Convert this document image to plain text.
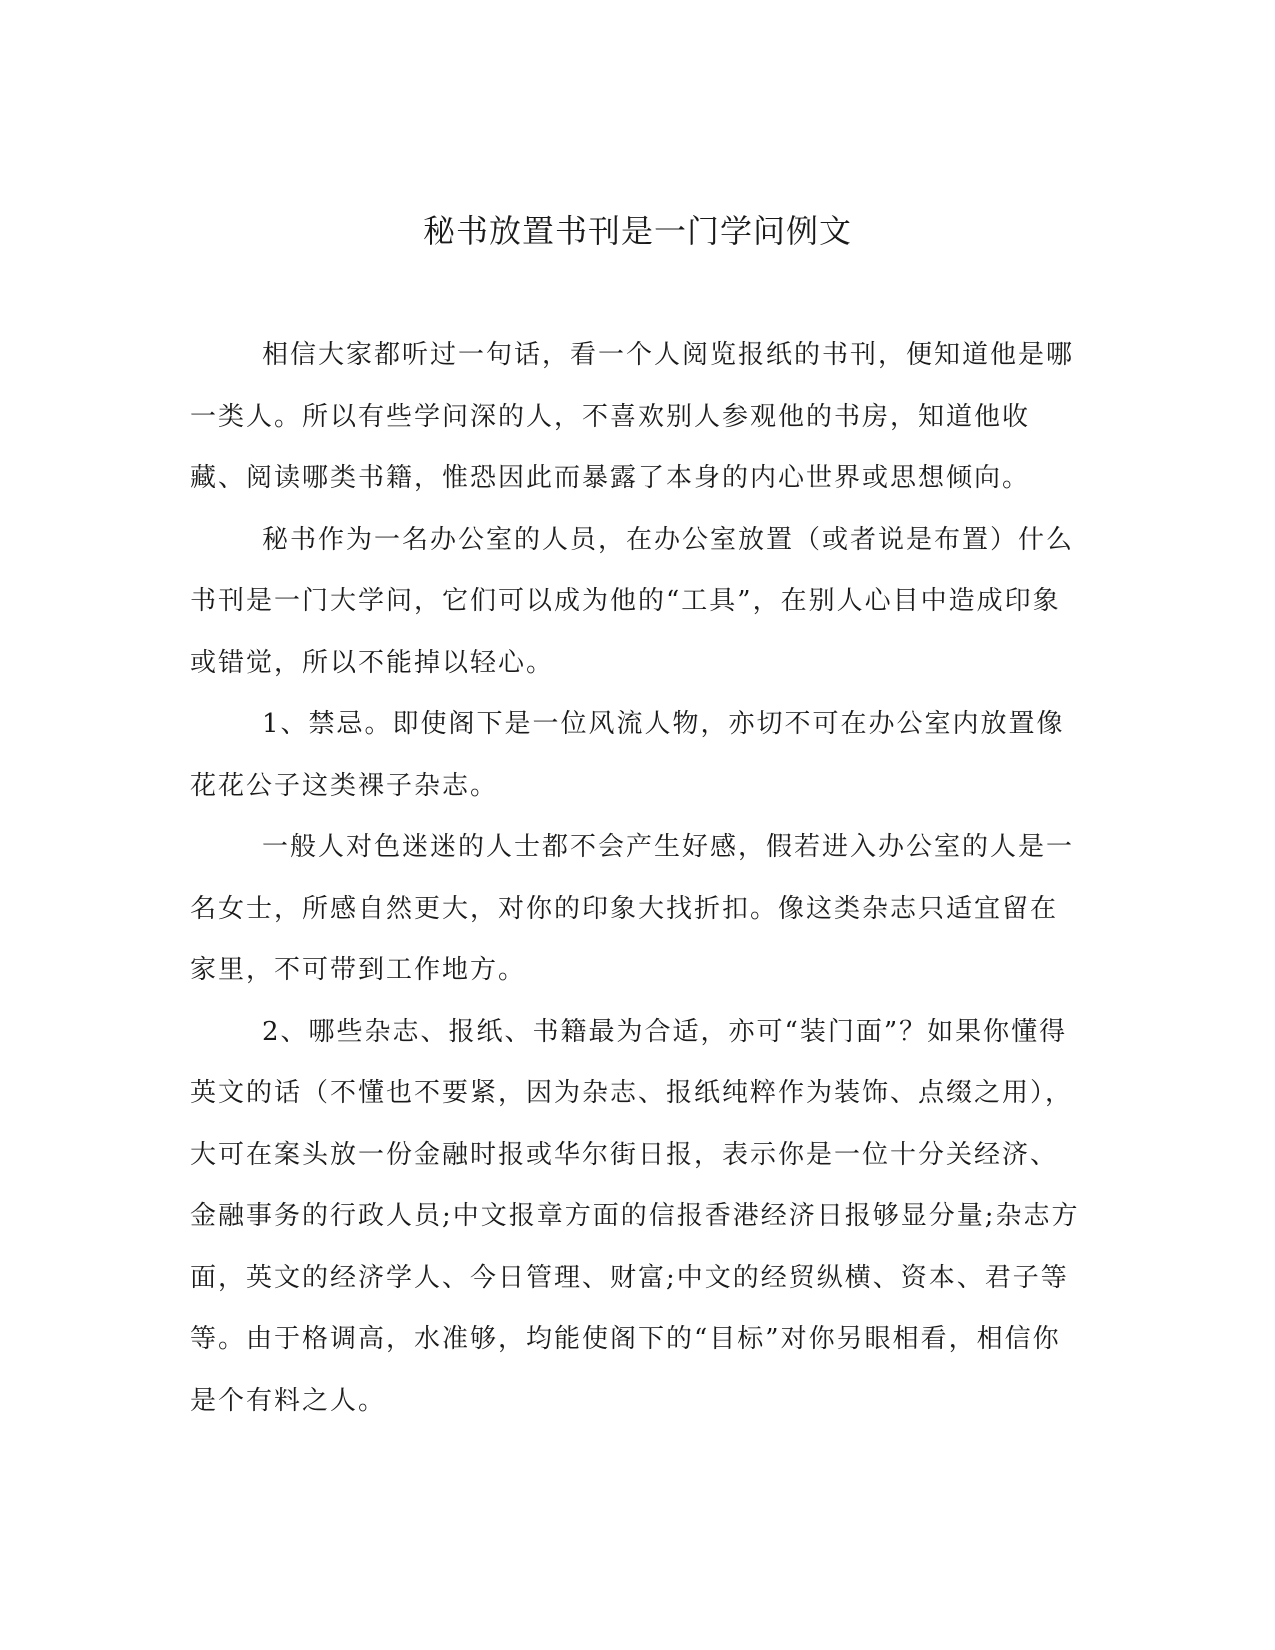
秘书放置书刊是一门学问例文

相信大家都听过一句话，看一个人阅览报纸的书刊，便知道他是哪一类人。所以有些学问深的人，不喜欢别人参观他的书房，知道他收藏、阅读哪类书籍，惟恐因此而暴露了本身的内心世界或思想倾向。

秘书作为一名办公室的人员，在办公室放置（或者说是布置）什么书刊是一门大学问，它们可以成为他的“工具”，在别人心目中造成印象或错觉，所以不能掉以轻心。

1、禁忌。即使阁下是一位风流人物，亦切不可在办公室内放置像花花公子这类裸子杂志。

一般人对色迷迷的人士都不会产生好感，假若进入办公室的人是一名女士，所感自然更大，对你的印象大找折扣。像这类杂志只适宜留在家里，不可带到工作地方。

2、哪些杂志、报纸、书籍最为合适，亦可“装门面”？如果你懂得英文的话（不懂也不要紧，因为杂志、报纸纯粹作为装饰、点缀之用），大可在案头放一份金融时报或华尔街日报，表示你是一位十分关经济、金融事务的行政人员;中文报章方面的信报香港经济日报够显分量;杂志方面，英文的经济学人、今日管理、财富;中文的经贸纵横、资本、君子等等。由于格调高，水准够，均能使阁下的“目标”对你另眼相看，相信你是个有料之人。
